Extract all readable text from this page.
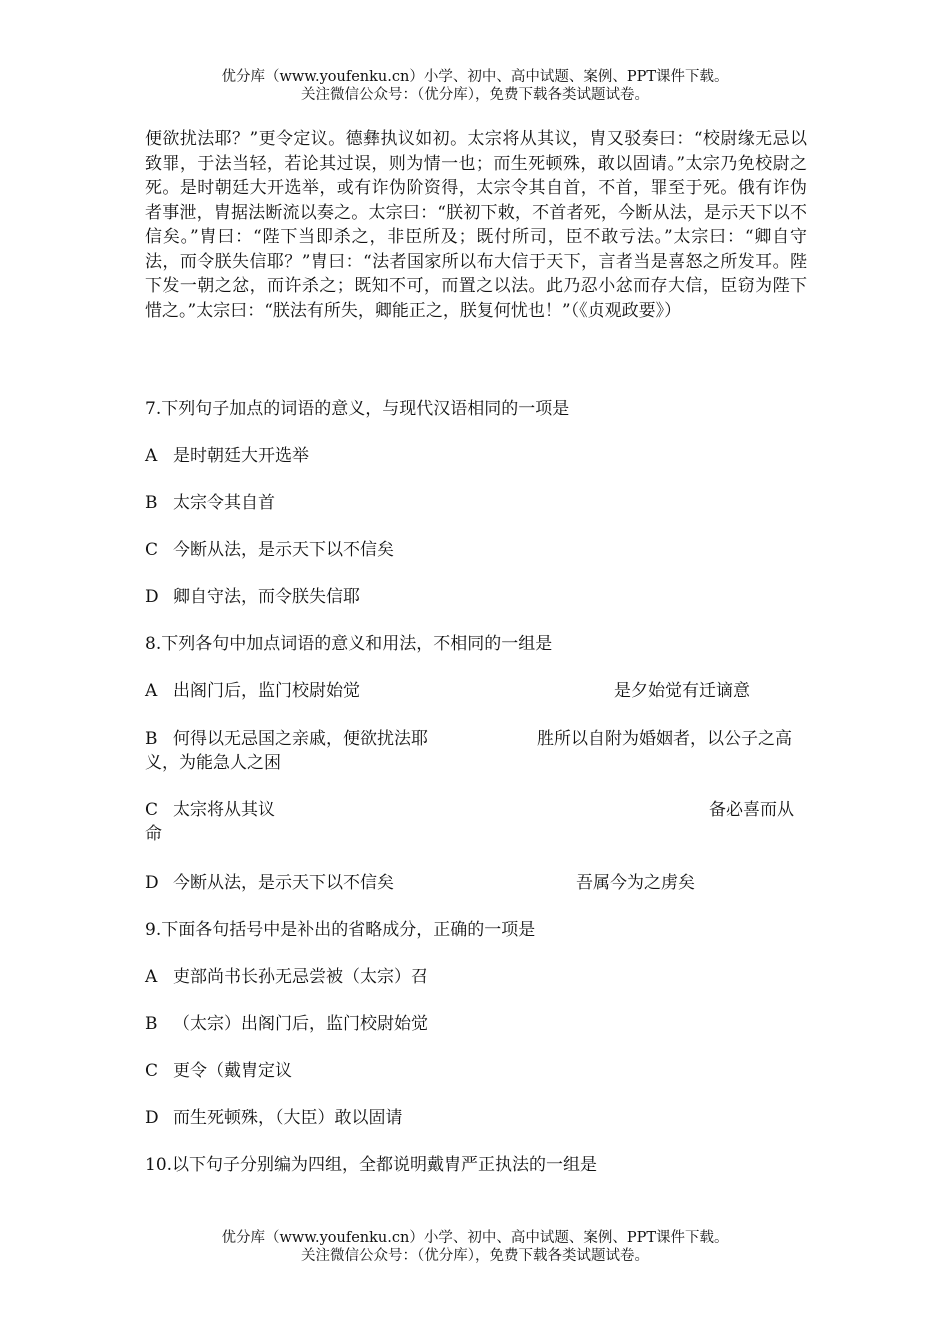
优分库（www.youfenku.cn）小学、初中、高中试题、案例、PPT课件下载。
关注微信公众号：（优分库），免费下载各类试题试卷。
便欲扰法耶？”更令定议。德彝执议如初。太宗将从其议，胄又驳奏曰：“校尉缘无忌以致罪，于法当轻，若论其过误，则为情一也；而生死顿殊，敢以固请。”太宗乃免校尉之死。是时朝廷大开选举，或有诈伪阶资得，太宗令其自首，不首，罪至于死。俄有诈伪者事泄，胄据法断流以奏之。太宗曰：“朕初下敕，不首者死，今断从法，是示天下以不信矣。”胄曰：“陛下当即杀之，非臣所及；既付所司，臣不敢亏法。”太宗曰：“卿自守法，而令朕失信耶？”胄曰：“法者国家所以布大信于天下，言者当是喜怒之所发耳。陛下发一朝之忿，而许杀之；既知不可，而置之以法。此乃忍小忿而存大信，臣窃为陛下惜之。”太宗曰：“朕法有所失，卿能正之，朕复何忧也！”（《贞观政要》）
7.下列句子加点的词语的意义，与现代汉语相同的一项是
A 是时朝廷大开选举
B 太宗令其自首
C 今断从法，是示天下以不信矣
D 卿自守法，而令朕失信耶
8.下列各句中加点词语的意义和用法，不相同的一组是
A 出阁门后，监门校尉始觉	是夕始觉有迁谪意
B 何得以无忌国之亲戚，便欲扰法耶	胜所以自附为婚姻者，以公子之高义，为能急人之困
C 太宗将从其议	备必喜而从命
D 今断从法，是示天下以不信矣	吾属今为之虏矣
9.下面各句括号中是补出的省略成分，正确的一项是
A 吏部尚书长孙无忌尝被（太宗）召
B （太宗）出阁门后，监门校尉始觉
C 更令（戴胄定议
D 而生死顿殊，（大臣）敢以固请
10.以下句子分别编为四组，全都说明戴胄严正执法的一组是
优分库（www.youfenku.cn）小学、初中、高中试题、案例、PPT课件下载。
关注微信公众号：（优分库），免费下载各类试题试卷。
